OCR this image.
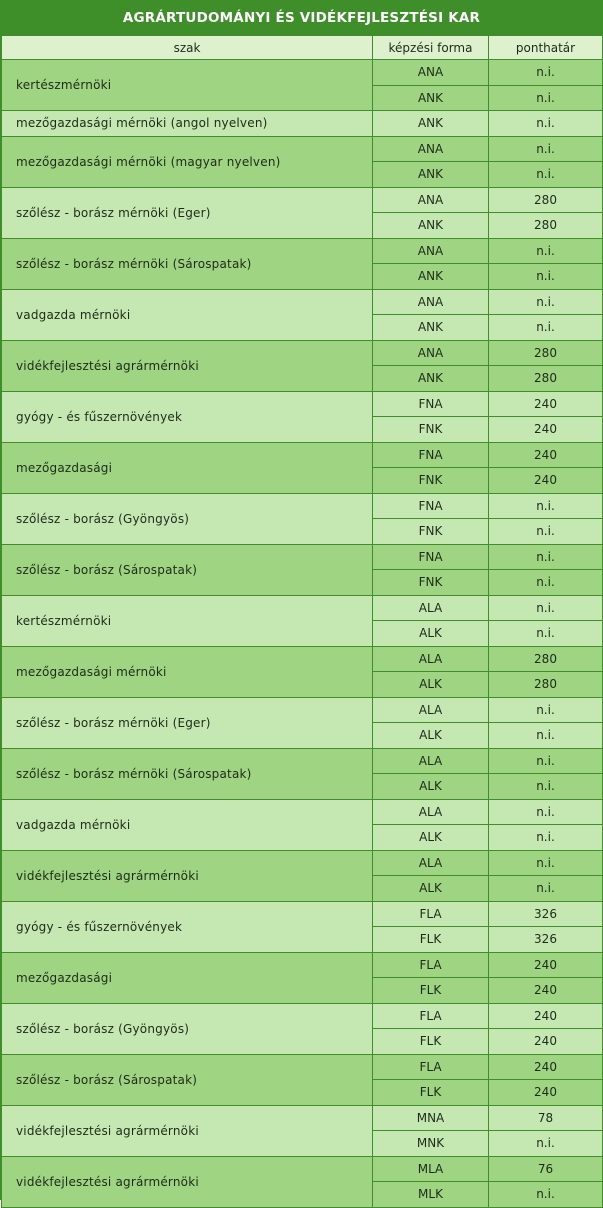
AGRÁRTUDOMÁNYI ÉS VIDÉKFEJLESZTÉSI KAR
szak	képzési forma	ponthatár
kertészmérnöki	ANA	n.i.
	ANK	n.i.
mezőgazdasági mérnöki (angol nyelven)	ANK	n.i.
mezőgazdasági mérnöki (magyar nyelven)	ANA	n.i.
	ANK	n.i.
szőlész - borász mérnöki (Eger)	ANA	280
	ANK	280
szőlész - borász mérnöki (Sárospatak)	ANA	n.i.
	ANK	n.i.
vadgazda mérnöki	ANA	n.i.
	ANK	n.i.
vidékfejlesztési agrármérnöki	ANA	280
	ANK	280
gyógy - és fűszernövények	FNA	240
	FNK	240
mezőgazdasági	FNA	240
	FNK	240
szőlész - borász (Gyöngyös)	FNA	n.i.
	FNK	n.i.
szőlész - borász (Sárospatak)	FNA	n.i.
	FNK	n.i.
kertészmérnöki	ALA	n.i.
	ALK	n.i.
mezőgazdasági mérnöki	ALA	280
	ALK	280
szőlész - borász mérnöki (Eger)	ALA	n.i.
	ALK	n.i.
szőlész - borász mérnöki (Sárospatak)	ALA	n.i.
	ALK	n.i.
vadgazda mérnöki	ALA	n.i.
	ALK	n.i.
vidékfejlesztési agrármérnöki	ALA	n.i.
	ALK	n.i.
gyógy - és fűszernövények	FLA	326
	FLK	326
mezőgazdasági	FLA	240
	FLK	240
szőlész - borász (Gyöngyös)	FLA	240
	FLK	240
szőlész - borász (Sárospatak)	FLA	240
	FLK	240
vidékfejlesztési agrármérnöki	MNA	78
	MNK	n.i.
vidékfejlesztési agrármérnöki	MLA	76
	MLK	n.i.
